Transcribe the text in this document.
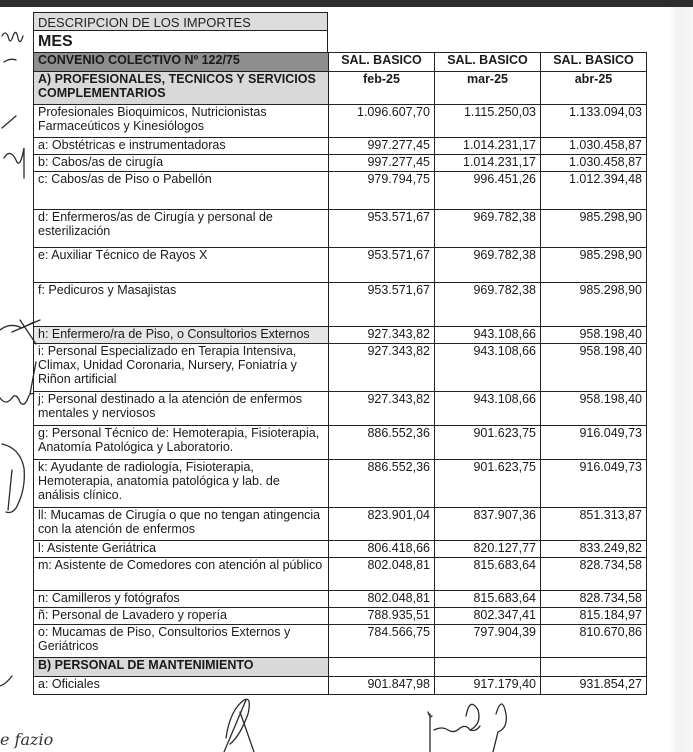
DESCRIPCION DE LOS IMPORTES
MES
CONVENIO COLECTIVO Nº 122/75	SAL. BASICO	SAL. BASICO	SAL. BASICO
A) PROFESIONALES, TECNICOS Y SERVICIOS COMPLEMENTARIOS	feb-25	mar-25	abr-25
Profesionales Bioquimicos, Nutricionistas Farmaceúticos y Kinesiólogos	1.096.607,70	1.115.250,03	1.133.094,03
a: Obstétricas e instrumentadoras	997.277,45	1.014.231,17	1.030.458,87
b: Cabos/as de cirugía	997.277,45	1.014.231,17	1.030.458,87
c: Cabos/as de Piso o Pabellón	979.794,75	996.451,26	1.012.394,48
d: Enfermeros/as de Cirugía y personal de esterilización	953.571,67	969.782,38	985.298,90
e: Auxiliar Técnico de Rayos X	953.571,67	969.782,38	985.298,90
f: Pedicuros y Masajistas	953.571,67	969.782,38	985.298,90
h: Enfermero/ra de Piso, o Consultorios Externos	927.343,82	943.108,66	958.198,40
i: Personal Especializado en Terapia Intensiva, Climax, Unidad Coronaria, Nursery, Foniatría y Riñon artificial	927.343,82	943.108,66	958.198,40
j: Personal destinado a la atención de enfermos mentales y nerviosos	927.343,82	943.108,66	958.198,40
g: Personal Técnico de: Hemoterapia, Fisioterapia, Anatomía Patológica y Laboratorio.	886.552,36	901.623,75	916.049,73
k: Ayudante de radiología, Fisioterapia, Hemoterapia, anatomía patológica y lab. de análisis clínico.	886.552,36	901.623,75	916.049,73
ll: Mucamas de Cirugía o que no tengan atingencia con la atención de enfermos	823.901,04	837.907,36	851.313,87
l: Asistente Geriátrica	806.418,66	820.127,77	833.249,82
m: Asistente de Comedores con atención al público	802.048,81	815.683,64	828.734,58
n: Camilleros y fotógrafos	802.048,81	815.683,64	828.734,58
ñ: Personal de Lavadero y ropería	788.935,51	802.347,41	815.184,97
o: Mucamas de Piso, Consultorios Externos y Geriátricos	784.566,75	797.904,39	810.670,86
B) PERSONAL DE MANTENIMIENTO			
a: Oficiales	901.847,98	917.179,40	931.854,27
e fazio
